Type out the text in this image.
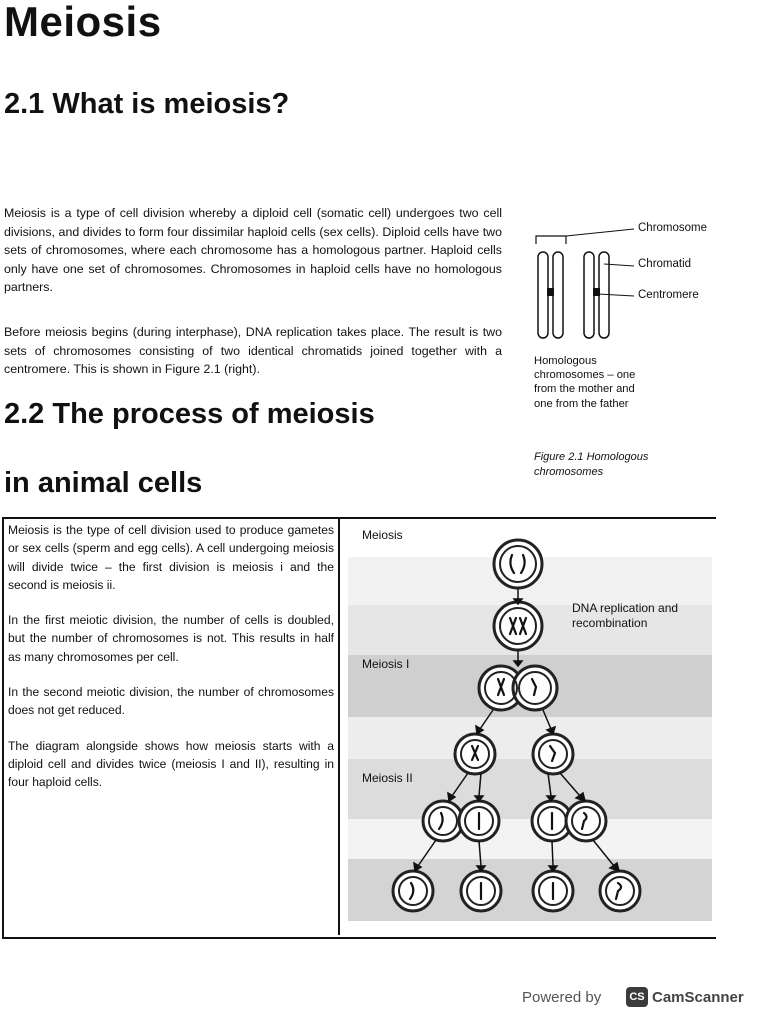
Meiosis
2.1 What is meiosis?
Meiosis is a type of cell division whereby a diploid cell (somatic cell) undergoes two cell divisions, and divides to form four dissimilar haploid cells (sex cells). Diploid cells have two sets of chromosomes, where each chromosome has a homologous partner. Haploid cells only have one set of chromosomes. Chromosomes in haploid cells have no homologous partners.
Before meiosis begins (during interphase), DNA replication takes place. The result is two sets of chromosomes consisting of two identical chromatids joined together with a centromere. This is shown in Figure 2.1 (right).
2.2 The process of meiosis
in animal cells
Chromosome
Chromatid
Centromere
Homologous chromosomes – one from the mother and one from the father
Figure 2.1 Homologous chromosomes

Meiosis is the type of cell division used to produce gametes or sex cells (sperm and egg cells). A cell undergoing meiosis will divide twice – the first division is meiosis i and the second is meiosis ii.

In the first meiotic division, the number of cells is doubled, but the number of chromosomes is not. This results in half as many chromosomes per cell.

In the second meiotic division, the number of chromosomes does not get reduced.

The diagram alongside shows how meiosis starts with a diploid cell and divides twice (meiosis I and II), resulting in four haploid cells.

Meiosis
DNA replication and recombination
Meiosis I
Meiosis II
Powered by	CS CamScanner
